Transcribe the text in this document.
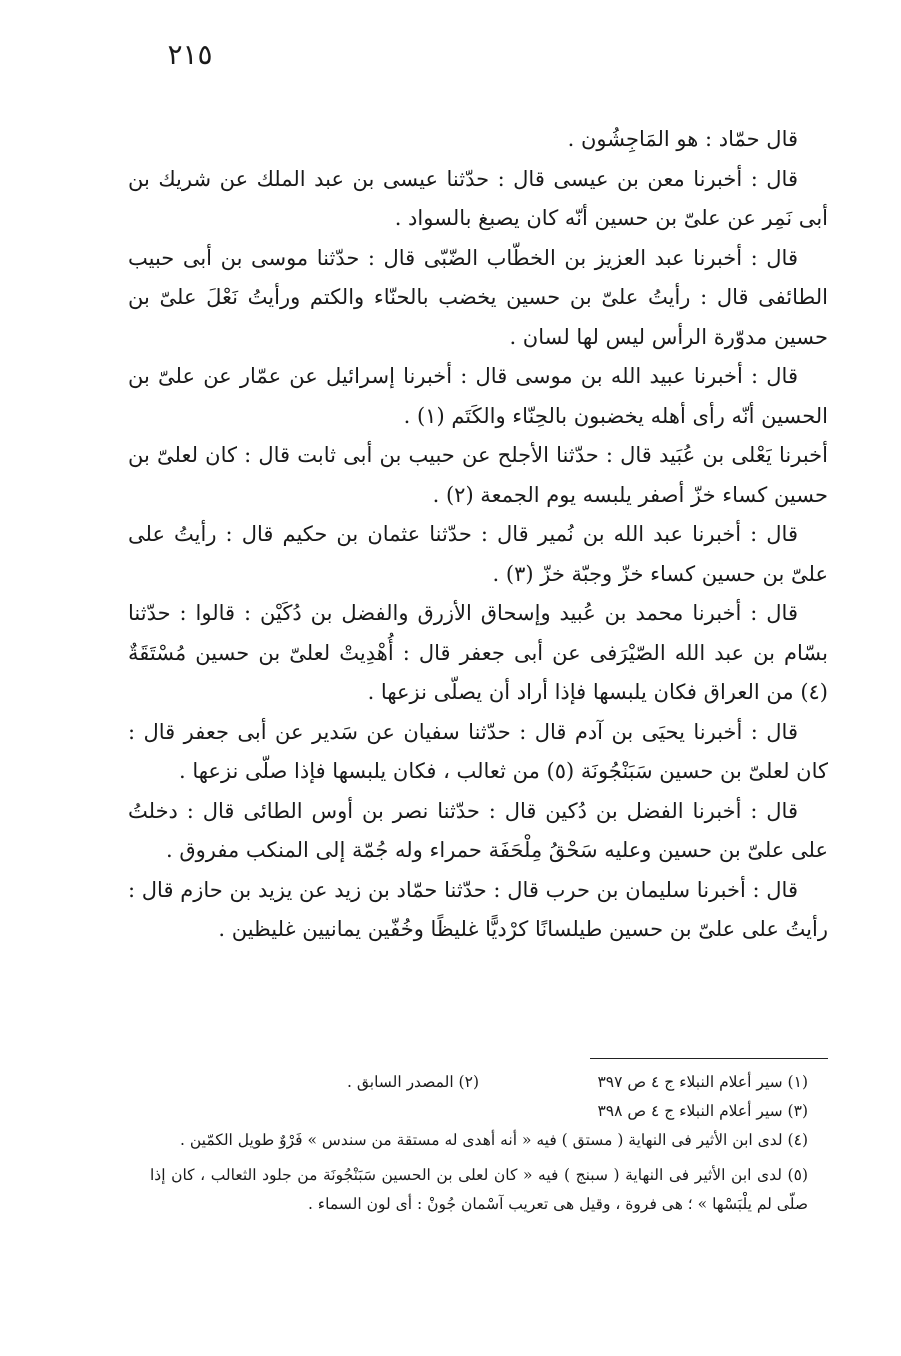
٢١٥

قال حمّاد : هو المَاجِشُون .

قال : أخبرنا معن بن عيسى قال : حدّثنا عيسى بن عبد الملك عن شريك بن أبى نَمِر عن علىّ بن حسين أنّه كان يصبغ بالسواد .

قال : أخبرنا عبد العزيز بن الخطّاب الضّبّى قال : حدّثنا موسى بن أبى حبيب الطائفى قال : رأيتُ علىّ بن حسين يخضب بالحنّاء والكتم ورأيتُ نَعْلَ علىّ بن حسين مدوّرة الرأس ليس لها لسان .

قال : أخبرنا عبيد الله بن موسى قال : أخبرنا إسرائيل عن عمّار عن علىّ بن الحسين أنّه رأى أهله يخضبون بالحِنّاء والكَتَم (١) .

أخبرنا يَعْلى بن عُبَيد قال : حدّثنا الأجلح عن حبيب بن أبى ثابت قال : كان لعلىّ بن حسين كساء خزّ أصفر يلبسه يوم الجمعة (٢) .

قال : أخبرنا عبد الله بن نُمير قال : حدّثنا عثمان بن حكيم قال : رأيتُ على علىّ بن حسين كساء خزّ وجبّة خزّ (٣) .

قال : أخبرنا محمد بن عُبيد وإسحاق الأزرق والفضل بن دُكَيْن : قالوا : حدّثنا بسّام بن عبد الله الصّيْرَفى عن أبى جعفر قال : أُهْدِيتْ لعلىّ بن حسين مُسْتَقَةٌ (٤) من العراق فكان يلبسها فإذا أراد أن يصلّى نزعها .

قال : أخبرنا يحيَى بن آدم قال : حدّثنا سفيان عن سَدير عن أبى جعفر قال : كان لعلىّ بن حسين سَبَنْجُونَة (٥) من ثعالب ، فكان يلبسها فإذا صلّى نزعها .

قال : أخبرنا الفضل بن دُكين قال : حدّثنا نصر بن أوس الطائى قال : دخلتُ على علىّ بن حسين وعليه سَحْقُ مِلْحَفَة حمراء وله جُمّة إلى المنكب مفروق .

قال : أخبرنا سليمان بن حرب قال : حدّثنا حمّاد بن زيد عن يزيد بن حازم قال : رأيتُ على علىّ بن حسين طيلسانًا كرْديًّا غليظًا وخُفّين يمانيين غليظين .

(١) سير أعلام النبلاء ج ٤ ص ٣٩٧
(٢) المصدر السابق .
(٣) سير أعلام النبلاء ج ٤ ص ٣٩٨

(٤) لدى ابن الأثير فى النهاية ( مستق ) فيه « أنه أهدى له مستقة من سندس » فَرْوٌ طويل الكمّين .

(٥) لدى ابن الأثير فى النهاية ( سبنج ) فيه « كان لعلى بن الحسين سَبَنْجُونَة من جلود الثعالب ، كان إذا صلّى لم يلْبَسْها » ؛ هى فروة ، وقيل هى تعريب آسْمان جُونْ : أى لون السماء .
